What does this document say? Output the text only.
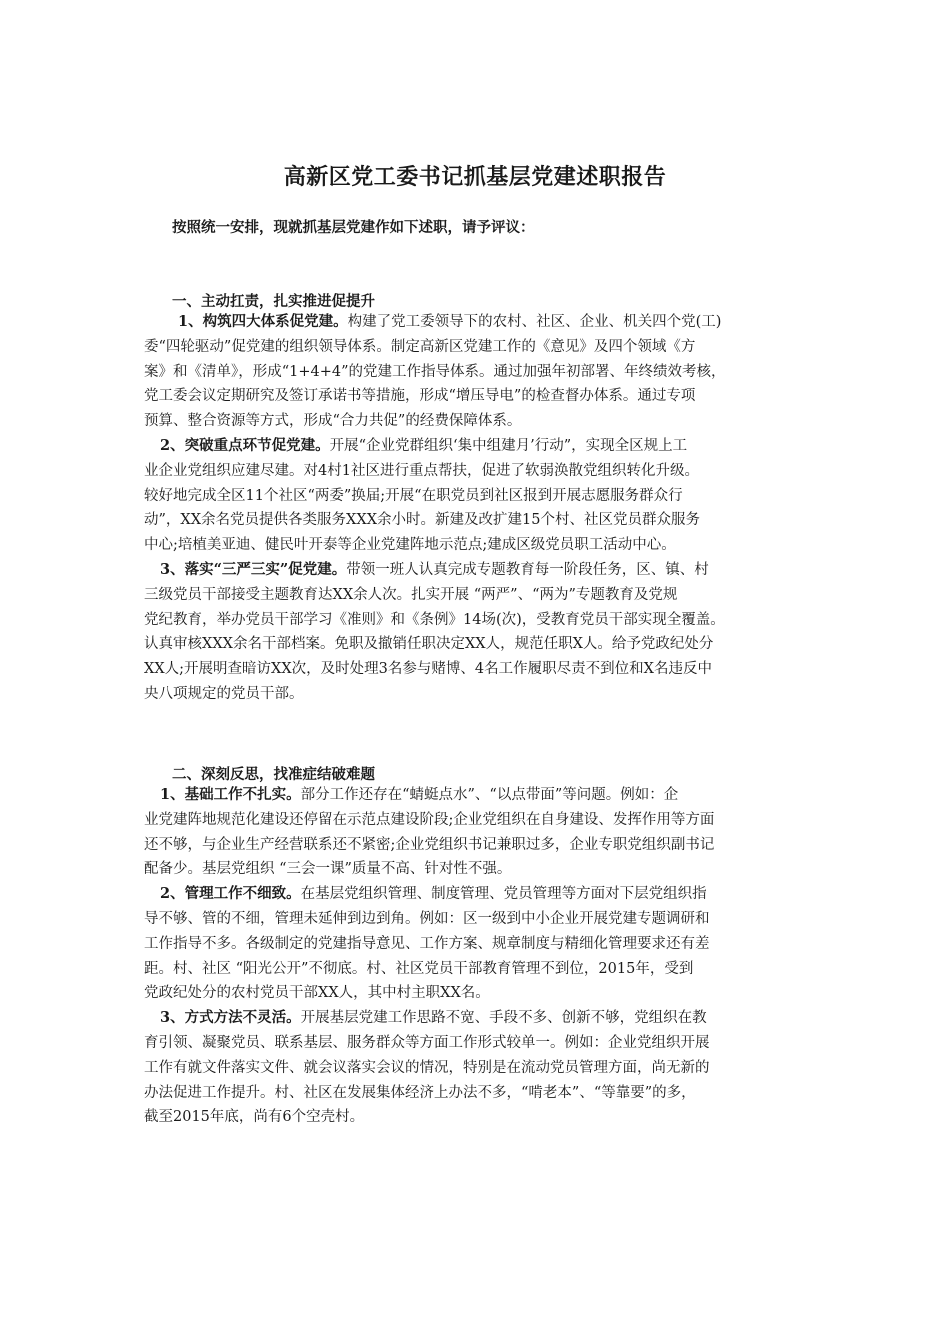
高新区党工委书记抓基层党建述职报告
按照统一安排，现就抓基层党建作如下述职，请予评议：
一、主动扛责，扎实推进促提升

1、构筑四大体系促党建。构建了党工委领导下的农村、社区、企业、机关四个党(工)

委“四轮驱动”促党建的组织领导体系。制定高新区党建工作的《意见》及四个领域《方

案》和《清单》，形成“1+4+4”的党建工作指导体系。通过加强年初部署、年终绩效考核，

党工委会议定期研究及签订承诺书等措施，形成“增压导电”的检查督办体系。通过专项

预算、整合资源等方式，形成“合力共促”的经费保障体系。

2、突破重点环节促党建。开展“企业党群组织‘集中组建月’行动”，实现全区规上工

业企业党组织应建尽建。对4村1社区进行重点帮扶，促进了软弱涣散党组织转化升级。

较好地完成全区11个社区“两委”换届;开展“在职党员到社区报到开展志愿服务群众行

动”，XX余名党员提供各类服务XXX余小时。新建及改扩建15个村、社区党员群众服务

中心;培植美亚迪、健民叶开泰等企业党建阵地示范点;建成区级党员职工活动中心。

3、落实“三严三实”促党建。带领一班人认真完成专题教育每一阶段任务，区、镇、村

三级党员干部接受主题教育达XX余人次。扎实开展 “两严”、“两为”专题教育及党规

党纪教育，举办党员干部学习《准则》和《条例》14场(次)，受教育党员干部实现全覆盖。

认真审核XXX余名干部档案。免职及撤销任职决定XX人，规范任职X人。给予党政纪处分

XX人;开展明查暗访XX次，及时处理3名参与赌博、4名工作履职尽责不到位和X名违反中

央八项规定的党员干部。

二、深刻反思，找准症结破难题

1、基础工作不扎实。部分工作还存在“蜻蜓点水”、“以点带面”等问题。例如：企

业党建阵地规范化建设还停留在示范点建设阶段;企业党组织在自身建设、发挥作用等方面

还不够，与企业生产经营联系还不紧密;企业党组织书记兼职过多，企业专职党组织副书记

配备少。基层党组织 “三会一课”质量不高、针对性不强。

2、管理工作不细致。在基层党组织管理、制度管理、党员管理等方面对下层党组织指

导不够、管的不细，管理未延伸到边到角。例如：区一级到中小企业开展党建专题调研和

工作指导不多。各级制定的党建指导意见、工作方案、规章制度与精细化管理要求还有差

距。村、社区 “阳光公开”不彻底。村、社区党员干部教育管理不到位，2015年，受到

党政纪处分的农村党员干部XX人，其中村主职XX名。

3、方式方法不灵活。开展基层党建工作思路不宽、手段不多、创新不够，党组织在教

育引领、凝聚党员、联系基层、服务群众等方面工作形式较单一。例如：企业党组织开展

工作有就文件落实文件、就会议落实会议的情况，特别是在流动党员管理方面，尚无新的

办法促进工作提升。村、社区在发展集体经济上办法不多，“啃老本”、“等靠要”的多，

截至2015年底，尚有6个空壳村。
